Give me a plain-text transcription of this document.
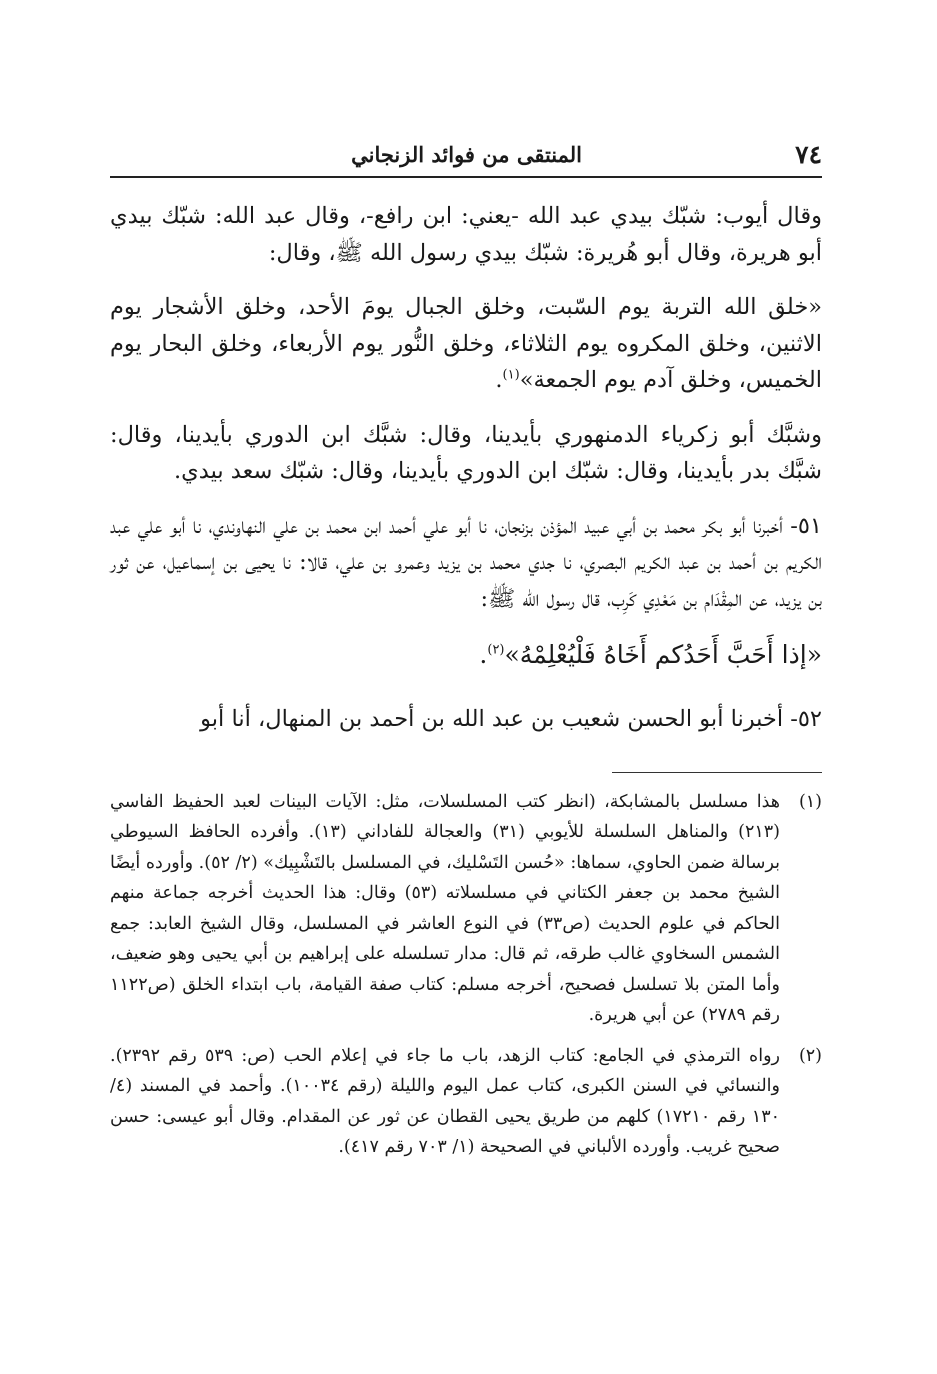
٧٤
المنتقى من فوائد الزنجاني

وقال أيوب: شبّك بيدي عبد الله -يعني: ابن رافع-، وقال عبد الله: شبّك بيدي أبو هريرة، وقال أبو هُريرة: شبّك بيدي رسول الله ﷺ، وقال:

«خلق الله التربة يوم السّبت، وخلق الجبال يومَ الأحد، وخلق الأشجار يوم الاثنين، وخلق المكروه يوم الثلاثاء، وخلق النُّور يوم الأربعاء، وخلق البحار يوم الخميس، وخلق آدم يوم الجمعة»$^{(١)}$.

وشبَّك أبو زكرياء الدمنهوري بأيدينا، وقال: شبَّك ابن الدوري بأيدينا، وقال: شبَّك بدر بأيدينا، وقال: شبّك ابن الدوري بأيدينا، وقال: شبّك سعد بيدي.

٥١- أخبرنا أبو بكر محمد بن أبي عبيد المؤذن بزنجان، نا أبو علي أحمد ابن محمد بن علي النهاوندي، نا أبو علي عبد الكريم بن أحمد بن عبد الكريم البصري، نا جدي محمد بن يزيد وعمرو بن علي، قالا: نا يحيى بن إسماعيل، عن ثور بن يزيد، عن المِقْدَام بن مَعْدِي كَرِب، قال رسول الله ﷺ:

«إذا أَحَبَّ أَحَدُكم أَخَاهُ فَلْيُعْلِمْهُ»$^{(٢)}$.

٥٢- أخبرنا أبو الحسن شعيب بن عبد الله بن أحمد بن المنهال، أنا أبو

(١)
هذا مسلسل بالمشابكة، (انظر كتب المسلسلات، مثل: الآيات البينات لعبد الحفيظ الفاسي (٢١٣) والمناهل السلسلة للأيوبي (٣١) والعجالة للفاداني (١٣). وأفرده الحافظ السيوطي برسالة ضمن الحاوي، سماها: «حُسن التَسْليك، في المسلسل بالتَشْبِيك» (٢/ ٥٢). وأورده أيضًا الشيخ محمد بن جعفر الكتاني في مسلسلاته (٥٣) وقال: هذا الحديث أخرجه جماعة منهم الحاكم في علوم الحديث (ص٣٣) في النوع العاشر في المسلسل، وقال الشيخ العابد: جمع الشمس السخاوي غالب طرقه، ثم قال: مدار تسلسله على إبراهيم بن أبي يحيى وهو ضعيف، وأما المتن بلا تسلسل فصحيح، أخرجه مسلم: كتاب صفة القيامة، باب ابتداء الخلق (ص١١٢٢ رقم ٢٧٨٩) عن أبي هريرة.
(٢)
رواه الترمذي في الجامع: كتاب الزهد، باب ما جاء في إعلام الحب (ص: ٥٣٩ رقم ٢٣٩٢). والنسائي في السنن الكبرى، كتاب عمل اليوم والليلة (رقم ١٠٠٣٤). وأحمد في المسند (٤/ ١٣٠ رقم ١٧٢١٠) كلهم من طريق يحيى القطان عن ثور عن المقدام. وقال أبو عيسى: حسن صحيح غريب. وأورده الألباني في الصحيحة (١/ ٧٠٣ رقم ٤١٧).
